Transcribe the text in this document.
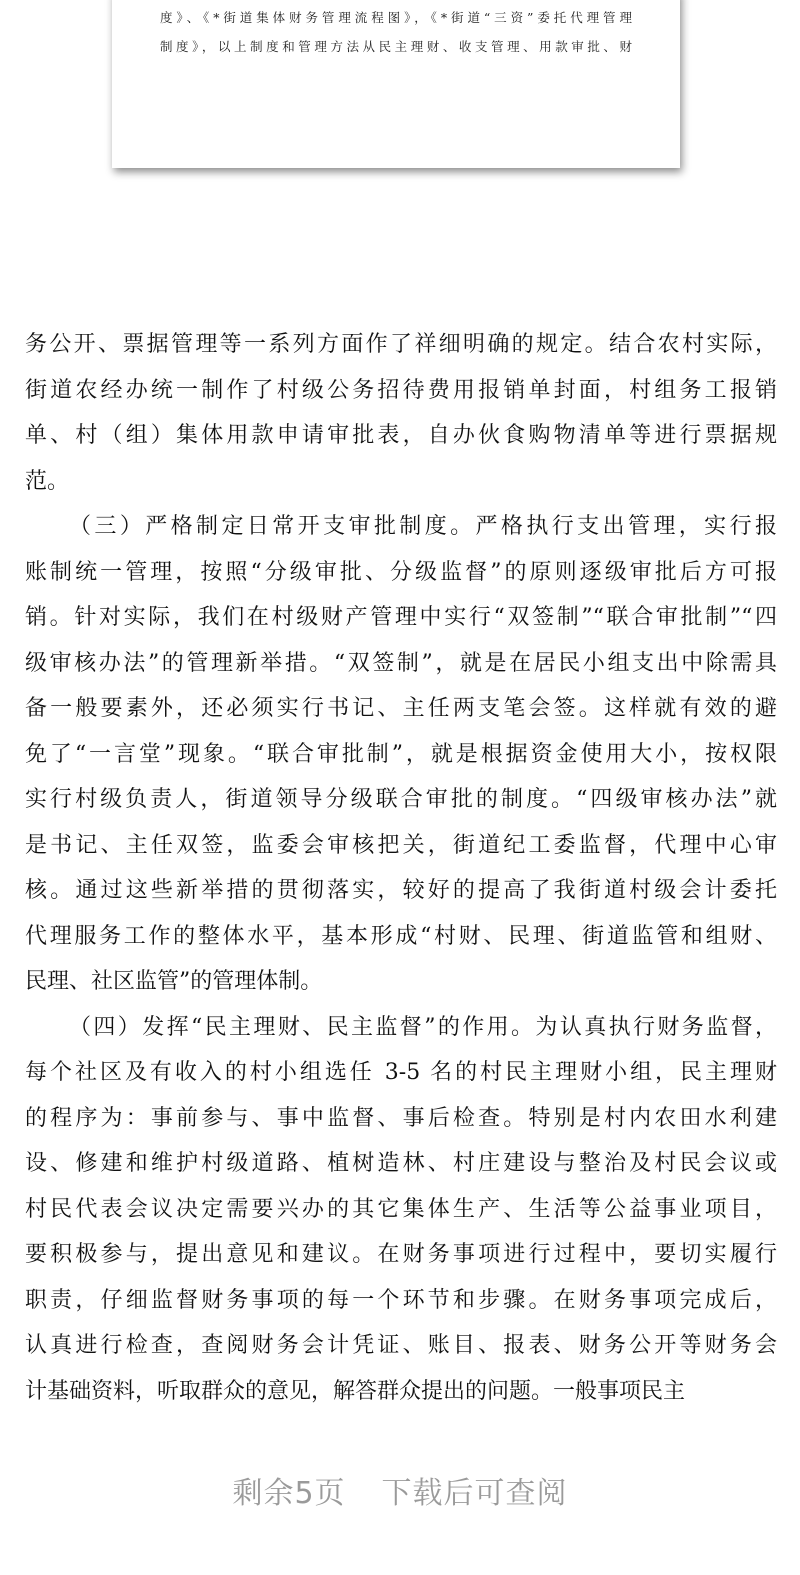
度》、《*街道集体财务管理流程图》，《*街道“三资”委托代理管理
制度》，以上制度和管理方法从民主理财、收支管理、用款审批、财
务公开、票据管理等一系列方面作了祥细明确的规定。结合农村实际，
街道农经办统一制作了村级公务招待费用报销单封面，村组务工报销
单、村（组）集体用款申请审批表，自办伙食购物清单等进行票据规
范。
（三）严格制定日常开支审批制度。严格执行支出管理，实行报
账制统一管理，按照“分级审批、分级监督”的原则逐级审批后方可报
销。针对实际，我们在村级财产管理中实行“双签制”“联合审批制”“四
级审核办法”的管理新举措。“双签制”，就是在居民小组支出中除需具
备一般要素外，还必须实行书记、主任两支笔会签。这样就有效的避
免了“一言堂”现象。“联合审批制”，就是根据资金使用大小，按权限
实行村级负责人，街道领导分级联合审批的制度。“四级审核办法”就
是书记、主任双签，监委会审核把关，街道纪工委监督，代理中心审
核。通过这些新举措的贯彻落实，较好的提高了我街道村级会计委托
代理服务工作的整体水平，基本形成“村财、民理、街道监管和组财、
民理、社区监管”的管理体制。
（四）发挥“民主理财、民主监督”的作用。为认真执行财务监督，
每个社区及有收入的村小组选任 3-5 名的村民主理财小组，民主理财
的程序为：事前参与、事中监督、事后检查。特别是村内农田水利建
设、修建和维护村级道路、植树造林、村庄建设与整治及村民会议或
村民代表会议决定需要兴办的其它集体生产、生活等公益事业项目，
要积极参与，提出意见和建议。在财务事项进行过程中，要切实履行
职责，仔细监督财务事项的每一个环节和步骤。在财务事项完成后，
认真进行检查，查阅财务会计凭证、账目、报表、财务公开等财务会
计基础资料，听取群众的意见，解答群众提出的问题。一般事项民主
剩余5页 下载后可查阅
